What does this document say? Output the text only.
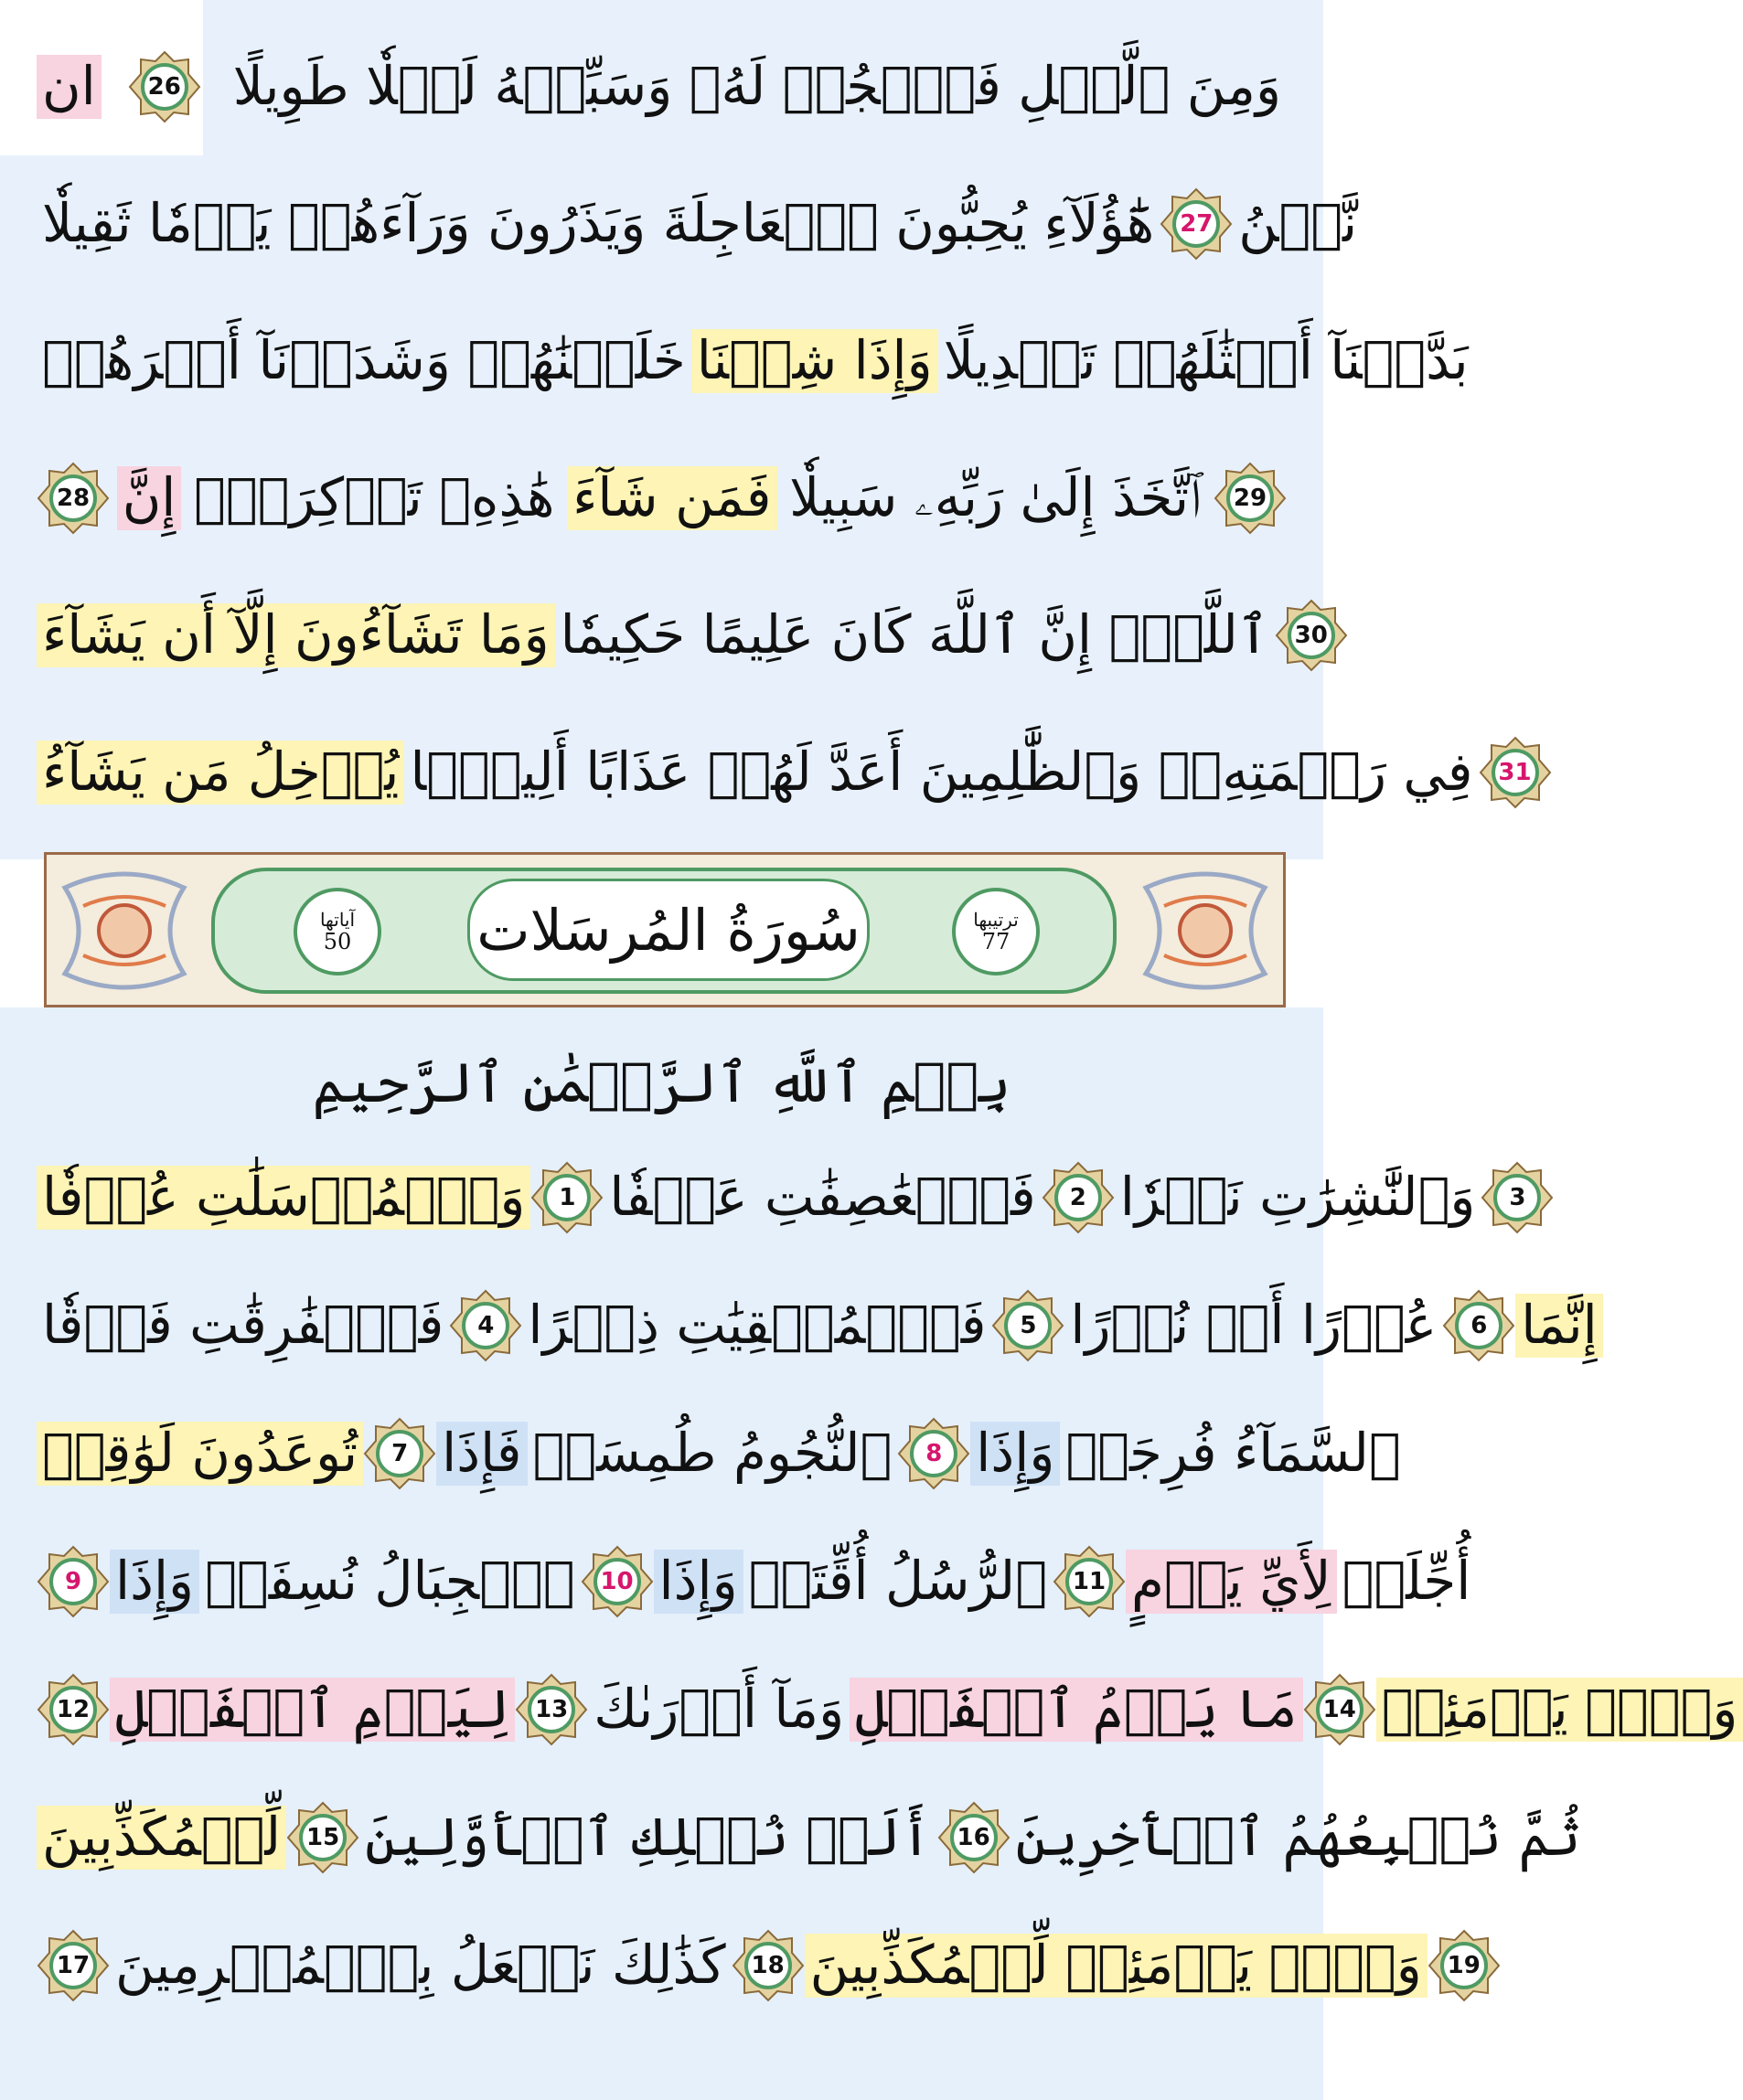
ان 26 وَمِنَ ٱلَّيۡلِ فَٱسۡجُدۡ لَهُۥ وَسَبِّحۡهُ لَيۡلٗا طَوِيلًا
هَٰٓؤُلَآءِ يُحِبُّونَ ٱلۡعَاجِلَةَ وَيَذَرُونَ وَرَآءَهُمۡ يَوۡمٗا ثَقِيلٗا 27 نَّحۡنُ
خَلَقۡنَٰهُمۡ وَشَدَدۡنَآ أَسۡرَهُمۡ وَإِذَا شِئۡنَا بَدَّلۡنَآ أَمۡثَٰلَهُمۡ تَبۡدِيلًا
28 إِنَّ هَٰذِهِۦ تَذۡكِرَةٞۖ فَمَن شَآءَ ٱتَّخَذَ إِلَىٰ رَبِّهِۦ سَبِيلٗا 29
وَمَا تَشَآءُونَ إِلَّآ أَن يَشَآءَ ٱللَّهُۚ إِنَّ ٱللَّهَ كَانَ عَلِيمًا حَكِيمٗا 30
يُدۡخِلُ مَن يَشَآءُ فِي رَحۡمَتِهِۦۚ وَٱلظَّٰلِمِينَ أَعَدَّ لَهُمۡ عَذَابًا أَلِيمَۢا 31
آياتها
50 سُورَةُ المُرسَلات	ترتيبها
77
بِسۡمِ ٱللَّهِ ٱلرَّحۡمَٰنِ ٱلرَّحِيمِ
وَٱلۡمُرۡسَلَٰتِ عُرۡفٗا 1 فَٱلۡعَٰصِفَٰتِ عَصۡفٗا 2 وَٱلنَّٰشِرَٰتِ نَشۡرٗا 3
فَٱلۡفَٰرِقَٰتِ فَرۡقٗا 4 فَٱلۡمُلۡقِيَٰتِ ذِكۡرًا 5 عُذۡرًا أَوۡ نُذۡرًا 6 إِنَّمَا
تُوعَدُونَ لَوَٰقِعٞ 7 فَإِذَا ٱلنُّجُومُ طُمِسَتۡ 8 وَإِذَا ٱلسَّمَآءُ فُرِجَتۡ
9 وَإِذَا ٱلۡجِبَالُ نُسِفَتۡ 10 وَإِذَا ٱلرُّسُلُ أُقِّتَتۡ 11 لِأَيِّ يَوۡمٍ أُجِّلَتۡ
12 لِيَوۡمِ ٱلۡفَصۡلِ 13 وَمَآ أَدۡرَىٰكَ مَا يَوۡمُ ٱلۡفَصۡلِ 14 وَيۡلٞ يَوۡمَئِذٖ
لِّلۡمُكَذِّبِينَ 15 أَلَمۡ نُهۡلِكِ ٱلۡأَوَّلِينَ 16 ثُمَّ نُتۡبِعُهُمُ ٱلۡأٓخِرِينَ
17 كَذَٰلِكَ نَفۡعَلُ بِٱلۡمُجۡرِمِينَ 18 وَيۡلٞ يَوۡمَئِذٖ لِّلۡمُكَذِّبِينَ 19
